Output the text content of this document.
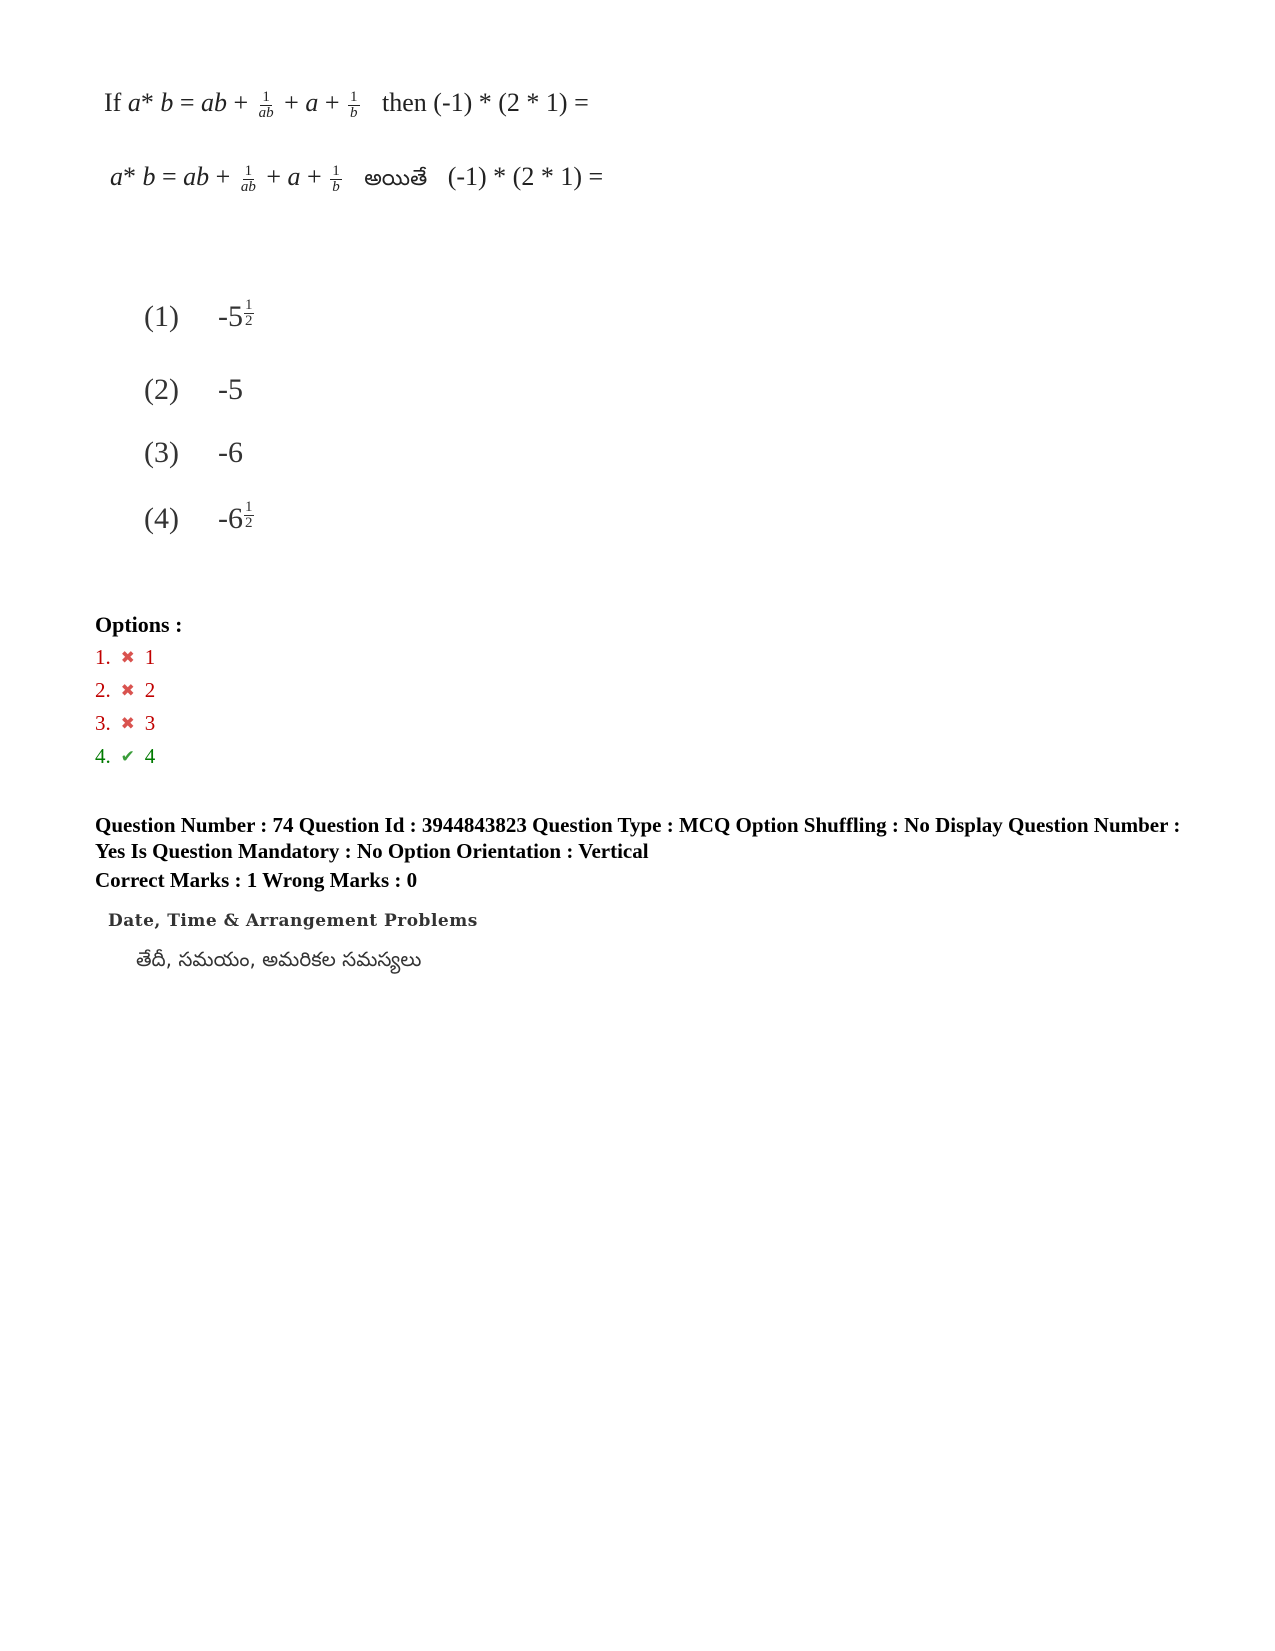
If a* b = ab + $\frac{1}{ab} + a + \frac{1}{b}$ then (-1) * (2 * 1) =
a* b = ab + $\frac{1}{ab} + a + \frac{1}{b}$ అయితే (-1) * (2 * 1) =
(1) $-5 \frac{1}{2}$
(2) -5
(3) -6
(4) $-6 \frac{1}{2}$
Options :
1. ✖ 1
2. ✖ 2
3. ✖ 3
4. ✔ 4
Question Number : 74 Question Id : 3944843823 Question Type : MCQ Option Shuffling : No Display Question Number : Yes Is Question Mandatory : No Option Orientation : Vertical
Correct Marks : 1 Wrong Marks : 0
Date, Time & Arrangement Problems
తేదీ, సమయం, అమరికల సమస్యలు
